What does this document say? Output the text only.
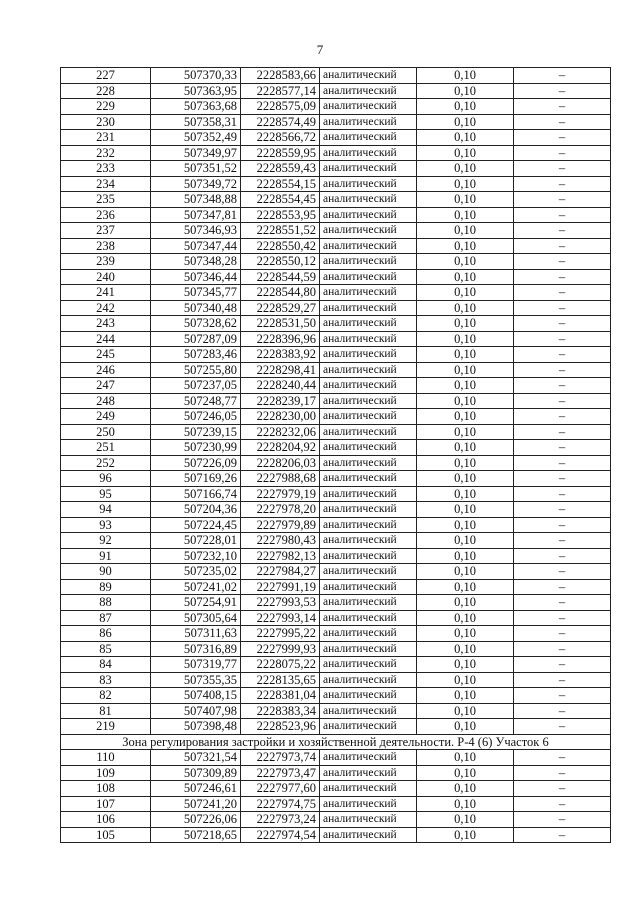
7
227	507370,33	2228583,66	аналитический	0,10	–
228	507363,95	2228577,14	аналитический	0,10	–
229	507363,68	2228575,09	аналитический	0,10	–
230	507358,31	2228574,49	аналитический	0,10	–
231	507352,49	2228566,72	аналитический	0,10	–
232	507349,97	2228559,95	аналитический	0,10	–
233	507351,52	2228559,43	аналитический	0,10	–
234	507349,72	2228554,15	аналитический	0,10	–
235	507348,88	2228554,45	аналитический	0,10	–
236	507347,81	2228553,95	аналитический	0,10	–
237	507346,93	2228551,52	аналитический	0,10	–
238	507347,44	2228550,42	аналитический	0,10	–
239	507348,28	2228550,12	аналитический	0,10	–
240	507346,44	2228544,59	аналитический	0,10	–
241	507345,77	2228544,80	аналитический	0,10	–
242	507340,48	2228529,27	аналитический	0,10	–
243	507328,62	2228531,50	аналитический	0,10	–
244	507287,09	2228396,96	аналитический	0,10	–
245	507283,46	2228383,92	аналитический	0,10	–
246	507255,80	2228298,41	аналитический	0,10	–
247	507237,05	2228240,44	аналитический	0,10	–
248	507248,77	2228239,17	аналитический	0,10	–
249	507246,05	2228230,00	аналитический	0,10	–
250	507239,15	2228232,06	аналитический	0,10	–
251	507230,99	2228204,92	аналитический	0,10	–
252	507226,09	2228206,03	аналитический	0,10	–
96	507169,26	2227988,68	аналитический	0,10	–
95	507166,74	2227979,19	аналитический	0,10	–
94	507204,36	2227978,20	аналитический	0,10	–
93	507224,45	2227979,89	аналитический	0,10	–
92	507228,01	2227980,43	аналитический	0,10	–
91	507232,10	2227982,13	аналитический	0,10	–
90	507235,02	2227984,27	аналитический	0,10	–
89	507241,02	2227991,19	аналитический	0,10	–
88	507254,91	2227993,53	аналитический	0,10	–
87	507305,64	2227993,14	аналитический	0,10	–
86	507311,63	2227995,22	аналитический	0,10	–
85	507316,89	2227999,93	аналитический	0,10	–
84	507319,77	2228075,22	аналитический	0,10	–
83	507355,35	2228135,65	аналитический	0,10	–
82	507408,15	2228381,04	аналитический	0,10	–
81	507407,98	2228383,34	аналитический	0,10	–
219	507398,48	2228523,96	аналитический	0,10	–
Зона регулирования застройки и хозяйственной деятельности. Р-4 (6) Участок 6					
110	507321,54	2227973,74	аналитический	0,10	–
109	507309,89	2227973,47	аналитический	0,10	–
108	507246,61	2227977,60	аналитический	0,10	–
107	507241,20	2227974,75	аналитический	0,10	–
106	507226,06	2227973,24	аналитический	0,10	–
105	507218,65	2227974,54	аналитический	0,10	–
